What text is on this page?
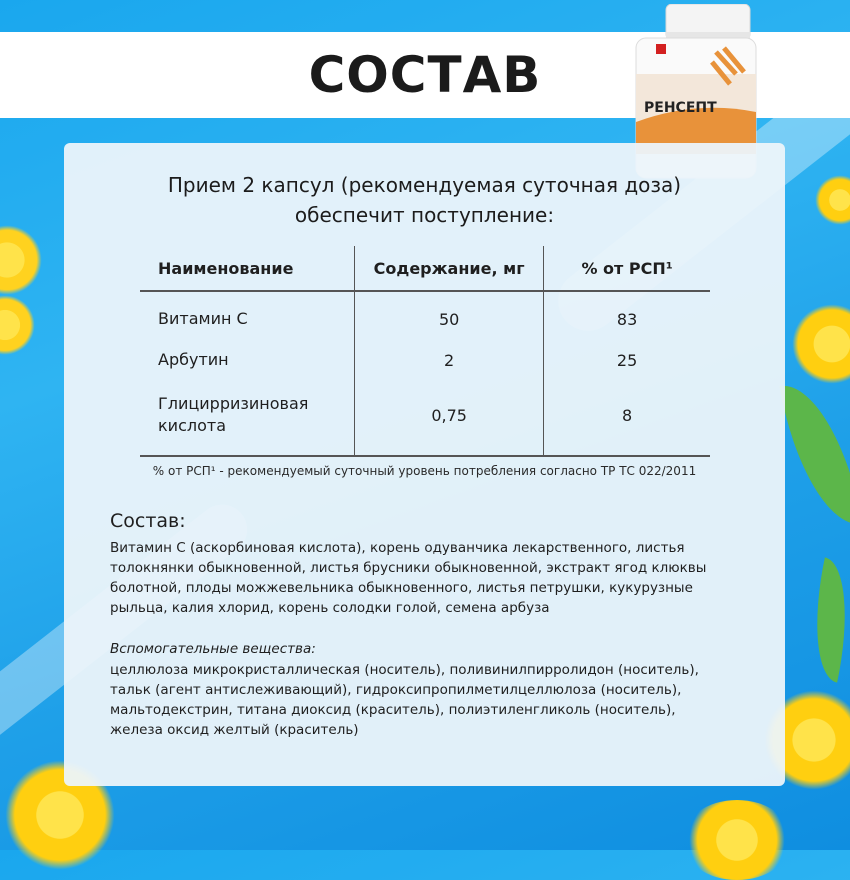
СОСТАВ
РЕНСЕПТ
Прием 2 капсул (рекомендуемая суточная доза)
обеспечит поступление:
Наименование	Содержание, мг	% от РСП¹
Витамин С	50	83
Арбутин	2	25

Глицирризиновая
кислота	0,75	8
% от РСП¹ - рекомендуемый суточный уровень потребления согласно ТР ТС 022/2011
Состав:
Витамин С (аскорбиновая кислота), корень одуванчика лекарственного, листья
толокнянки обыкновенной, листья брусники обыкновенной, экстракт ягод клюквы
болотной, плоды можжевельника обыкновенного, листья петрушки, кукурузные
рыльца, калия хлорид, корень солодки голой, семена арбуза
Вспомогательные вещества:
целлюлоза микрокристаллическая (носитель), поливинилпирролидон (носитель),
тальк (агент антислеживающий), гидроксипропилметилцеллюлоза (носитель),
мальтодекстрин, титана диоксид (краситель), полиэтиленгликоль (носитель),
железа оксид желтый (краситель)
